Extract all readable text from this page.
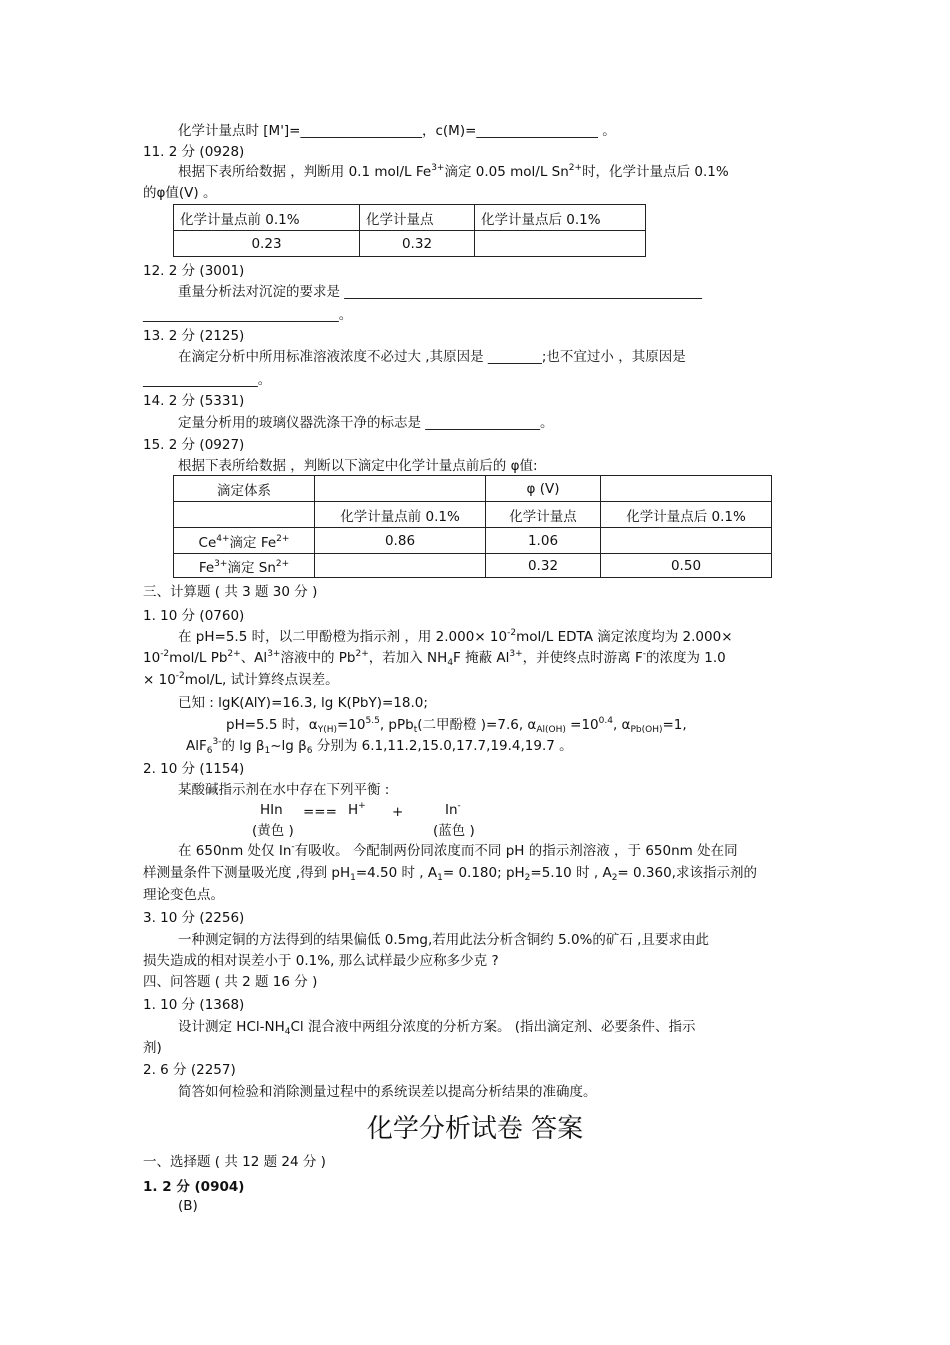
化学计量点时 [M']=__________________，c(M)=__________________ 。
11. 2 分 (0928)
根据下表所给数据 ，判断用 0.1 mol/L $Fe^{3+}$滴定 0.05 mol/L $Sn^{2+}$时，化学计量点后 0.1%
的φ值(V) 。
化学计量点前 0.1%	化学计量点	化学计量点后 0.1%
0.23	0.32	
12. 2 分 (3001)
重量分析法对沉淀的要求是 _____________________________________________________
_____________________________。
13. 2 分 (2125)
在滴定分析中所用标准溶液浓度不必过大 ,其原因是 ________;也不宜过小 ，其原因是
_________________。
14. 2 分 (5331)
定量分析用的玻璃仪器洗涤干净的标志是 _________________。
15. 2 分 (0927)
根据下表所给数据 ，判断以下滴定中化学计量点前后的 φ值:
滴定体系		φ (V)	
	化学计量点前 0.1%	化学计量点	化学计量点后 0.1%
$Ce^{4+}$滴定 $Fe^{2+}$	0.86	1.06	
$Fe^{3+}$滴定 $Sn^{2+}$		0.32	0.50
三、计算题 ( 共 3 题 30 分 )
1. 10 分 (0760)
在 pH=5.5 时，以二甲酚橙为指示剂 ，用 $2.000\times 10^{-2}mol/L$ EDTA 滴定浓度均为 2.000×
$10^{-2}mol/L$ $Pb^{2+}$、$Al^{3+}$溶液中的 $Pb^{2+}$，若加入 $NH_4F$ 掩蔽 $Al^{3+}$，并使终点时游离 F-的浓度为 1.0
× $10^{-2}mol/L$, 试计算终点误差。
已知 : lgK(AlY)=16.3, lg K(PbY)=18.0;
pH=5.5 时，$\alpha_{Y(H)}=10^{5.5}$, pPb$_t$(二甲酚橙 )=7.6, $\alpha_{Al(OH)} =10^{0.4}$, $\alpha_{Pb(OH)}=1$,
AlF$_6^{3-}$的 $\lg \beta_1\sim\lg$ $\beta_6$ 分别为 6.1,11.2,15.0,17.7,19.4,19.7 。
2. 10 分 (1154)
某酸碱指示剂在水中存在下列平衡 :
HIn === H+ +	In-
(黄色 )	(蓝色 )
在 650nm 处仅 In-有吸收。 今配制两份同浓度而不同 pH 的指示剂溶液 ，于 650nm 处在同
样测量条件下测量吸光度 ,得到 $pH_1=4.50$ 时 , $A_1= 0.180$; $pH_2=5.10$ 时 , $A_2= 0.360$,求该指示剂的
理论变色点。
3. 10 分 (2256)
一种测定铜的方法得到的结果偏低 0.5mg,若用此法分析含铜约 5.0%的矿石 ,且要求由此
损失造成的相对误差小于 0.1%, 那么试样最少应称多少克 ?
四、问答题 ( 共 2 题 16 分 )
1. 10 分 (1368)
设计测定 HCl-$NH_4Cl$ 混合液中两组分浓度的分析方案。 (指出滴定剂、必要条件、指示
剂)
2. 6 分 (2257)
简答如何检验和消除测量过程中的系统误差以提高分析结果的准确度。
化学分析试卷 答案
一、选择题 ( 共 12 题 24 分 )
1. 2 分 (0904)
(B)
